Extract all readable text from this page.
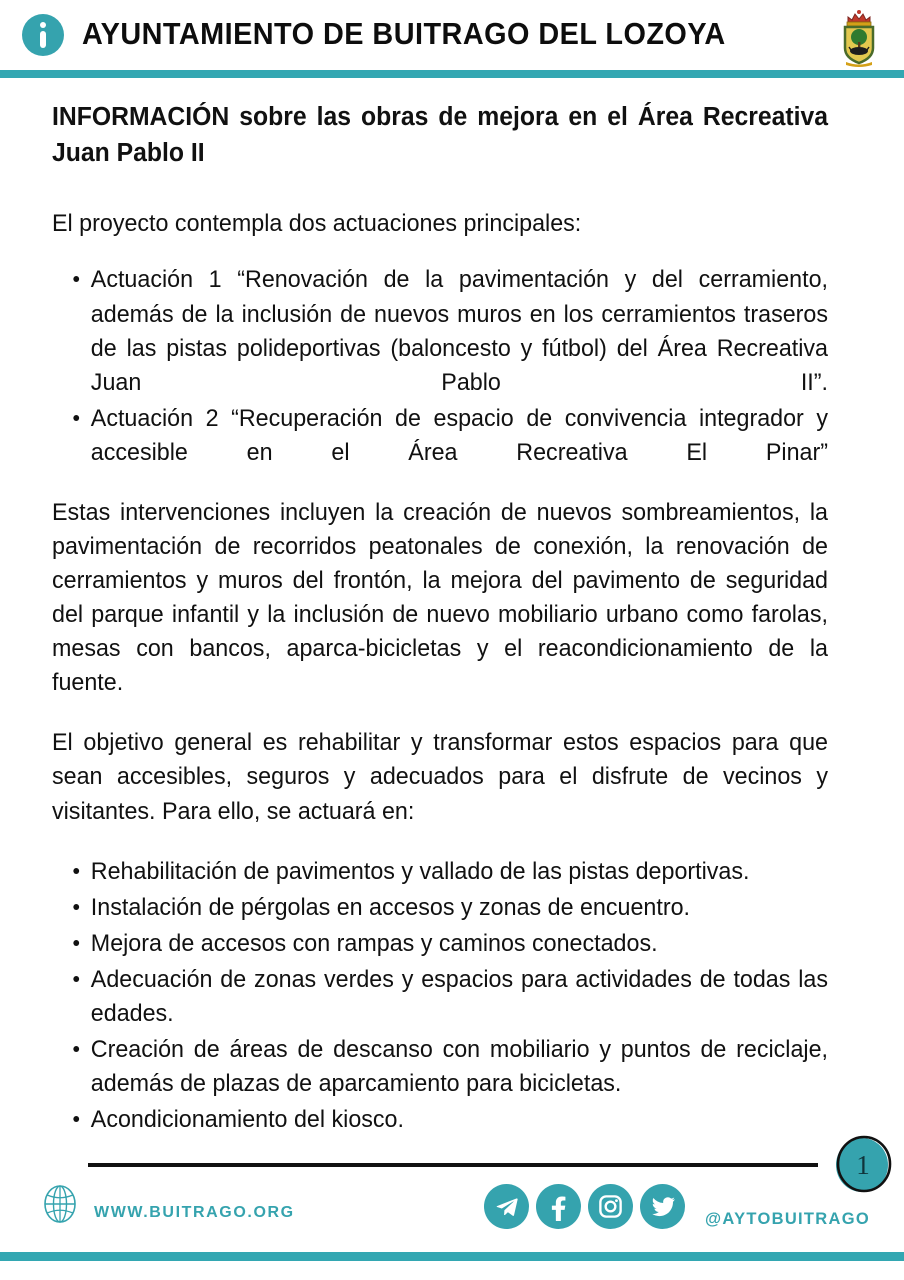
AYUNTAMIENTO DE BUITRAGO DEL LOZOYA
INFORMACIÓN sobre las obras de mejora en el Área Recreativa Juan Pablo II

El proyecto contempla dos actuaciones principales:

Actuación 1 “Renovación de la pavimentación y del cerramiento, además de la inclusión de nuevos muros en los cerramientos traseros de las pistas polideportivas (baloncesto y fútbol) del Área Recreativa Juan Pablo II”.
Actuación 2 “Recuperación de espacio de convivencia integrador y accesible en el Área Recreativa El Pinar”

Estas intervenciones incluyen la creación de nuevos sombreamientos, la pavimentación de recorridos peatonales de conexión, la renovación de cerramientos y muros del frontón, la mejora del pavimento de seguridad del parque infantil y la inclusión de nuevo mobiliario urbano como farolas, mesas con bancos, aparca-bicicletas y el reacondicionamiento de la fuente.

El objetivo general es rehabilitar y transformar estos espacios para que sean accesibles, seguros y adecuados para el disfrute de vecinos y visitantes. Para ello, se actuará en:

Rehabilitación de pavimentos y vallado de las pistas deportivas.
Instalación de pérgolas en accesos y zonas de encuentro.
Mejora de accesos con rampas y caminos conectados.
Adecuación de zonas verdes y espacios para actividades de todas las edades.
Creación de áreas de descanso con mobiliario y puntos de reciclaje, además de plazas de aparcamiento para bicicletas.
Acondicionamiento del kiosco.
1
WWW.BUITRAGO.ORG	@AYTOBUITRAGO
